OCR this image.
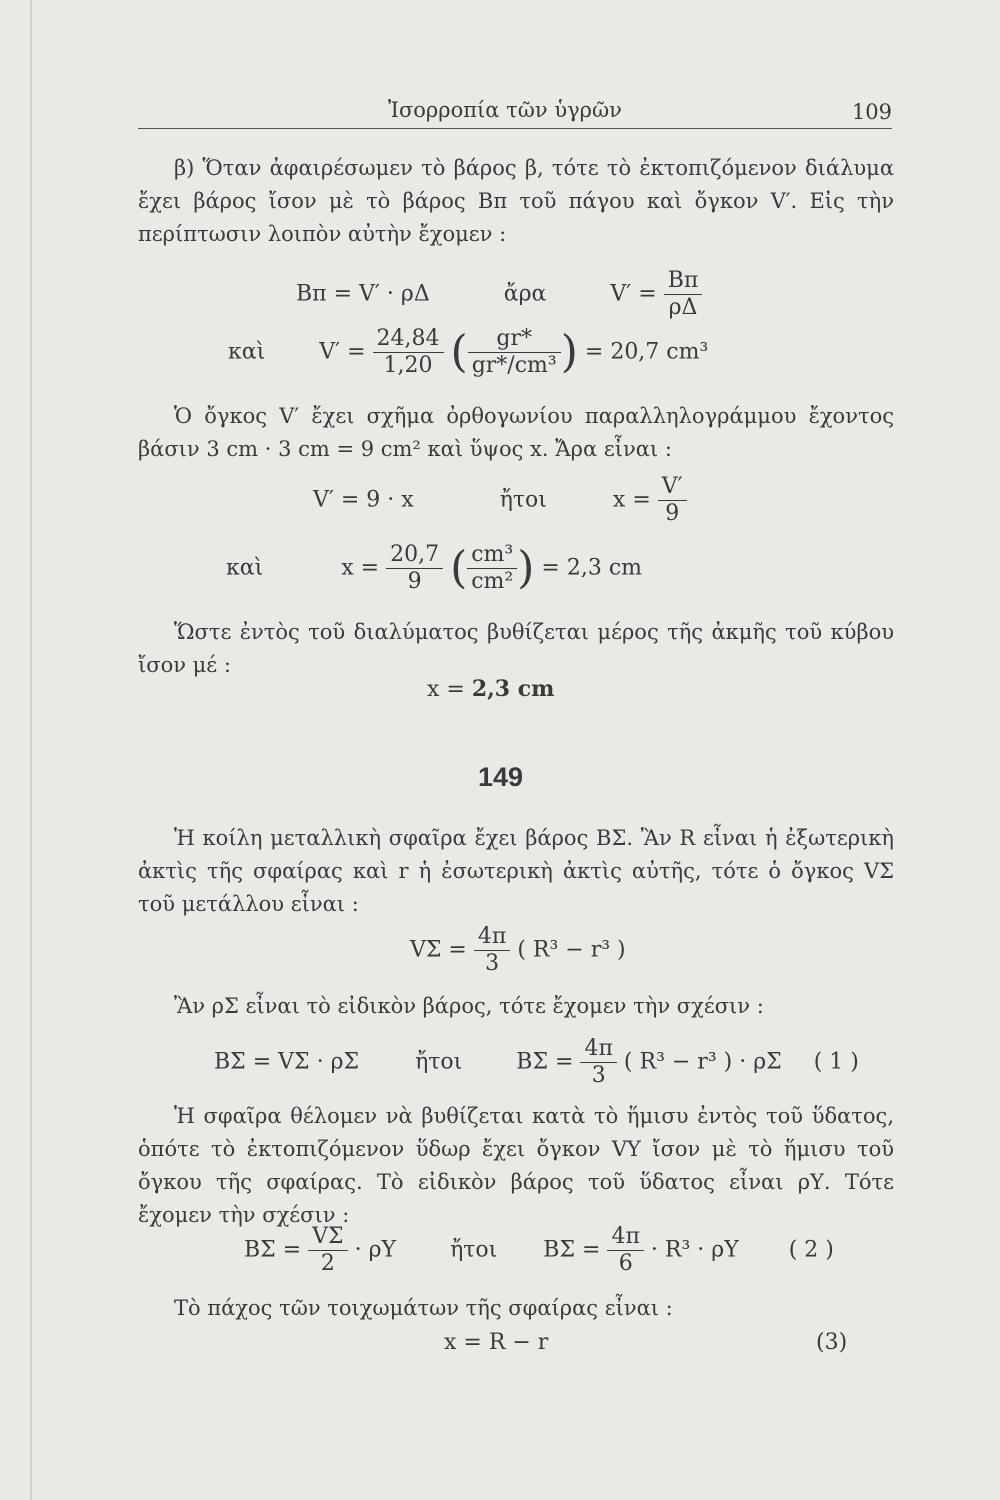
Ἰσορροπία τῶν ὑγρῶν	109
β) Ὅταν ἀφαιρέσωμεν τὸ βάρος β, τότε τὸ ἐκτοπιζόμενον διάλυμα ἔχει βάρος ἴσον μὲ τὸ βάρος Βπ τοῦ πάγου καὶ ὄγκον V′. Εἰς τὴν περίπτωσιν λοιπὸν αὐτὴν ἔχομεν :
Βπ = V′ · ρΔ	ἄρα	$V' = \frac{B\pi}{\rho\Delta}$
καὶ $V' = \frac{24,84}{1,20}$ ( $\frac{gr*}{\text{gr*/cm³}}$ ) = 20,7 cm³
Ὁ ὄγκος V′ ἔχει σχῆμα ὀρθογωνίου παραλληλογράμμου ἔχοντος βάσιν 3 cm · 3 cm = 9 cm² καὶ ὕψος x. Ἄρα εἶναι :
V′ = 9 · x	ἤτοι	$x = \frac{V'}{9}$
καὶ	$x = \frac{20,7}{9}$ ( $\frac{\text{cm³}}{\text{cm²}}$ ) = 2,3 cm
Ὥστε ἐντὸς τοῦ διαλύματος βυθίζεται μέρος τῆς ἀκμῆς τοῦ κύβου ἴσον μέ :
x = 2,3 cm
149
Ἡ κοίλη μεταλλικὴ σφαῖρα ἔχει βάρος ΒΣ. Ἂν R εἶναι ἡ ἐξωτερικὴ ἀκτὶς τῆς σφαίρας καὶ r ἡ ἐσωτερικὴ ἀκτὶς αὐτῆς, τότε ὁ ὄγκος VΣ τοῦ μετάλλου εἶναι :
$V\Sigma = \frac{4\pi}{3}$ ( R³ − r³ )
Ἂν ρΣ εἶναι τὸ εἰδικὸν βάρος, τότε ἔχομεν τὴν σχέσιν :
ΒΣ = VΣ · ρΣ	ἤτοι $B\Sigma = \frac{4\pi}{3}$ ( R³ − r³ ) · ρΣ ( 1 )
Ἡ σφαῖρα θέλομεν νὰ βυθίζεται κατὰ τὸ ἥμισυ ἐντὸς τοῦ ὕδατος, ὁπότε τὸ ἐκτοπιζόμενον ὕδωρ ἔχει ὄγκον VΥ ἴσον μὲ τὸ ἥμισυ τοῦ ὄγκου τῆς σφαίρας. Τὸ εἰδικὸν βάρος τοῦ ὕδατος εἶναι ρΥ. Τότε ἔχομεν τὴν σχέσιν :
$B\Sigma = \frac{V\Sigma}{2} \cdot \rho\Upsilon$ ἤτοι $B\Sigma = \frac{4\pi}{6} \cdot R^3 \cdot \rho\Upsilon$ ( 2 )
Τὸ πάχος τῶν τοιχωμάτων τῆς σφαίρας εἶναι :
x = R − r	(3)
